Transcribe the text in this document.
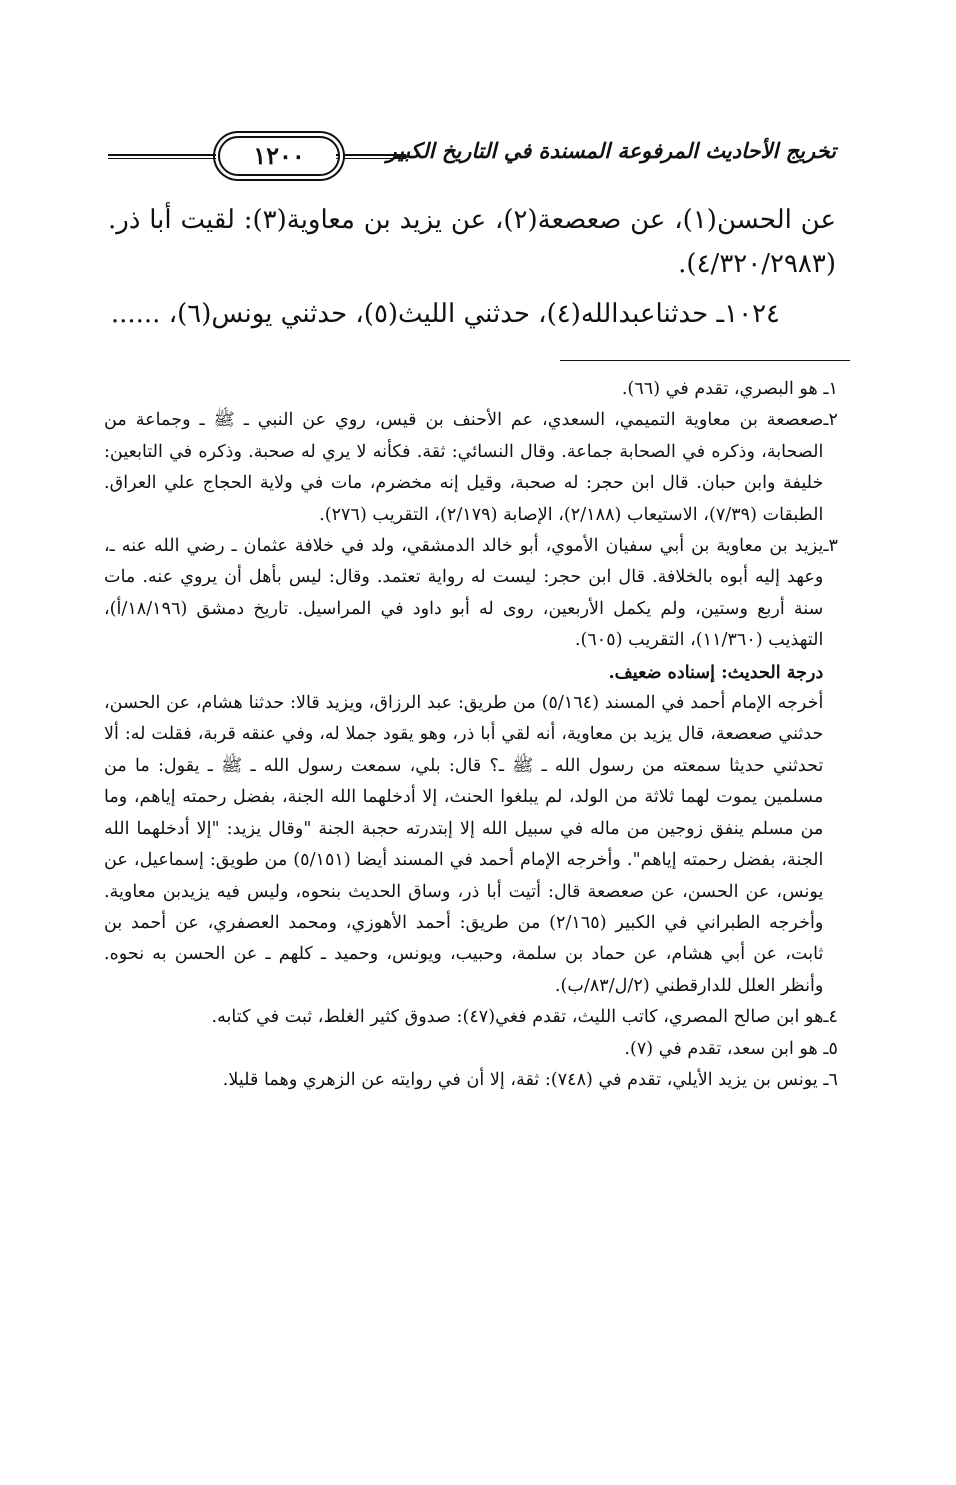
١٢٠٠	تخريج الأحاديث المرفوعة المسندة في التاريخ الكبير

عن الحسن(١)، عن صعصعة(٢)، عن يزيد بن معاوية(٣): لقيت أبا ذر. (٤/٣٢٠/٢٩٨٣).

١٠٢٤ـ حدثناعبدالله(٤)، حدثني الليث(٥)، حدثني يونس(٦)، ......

١ـ هو البصري، تقدم في (٦٦).

٢ـ
صعصعة بن معاوية التميمي، السعدي، عم الأحنف بن قيس، روي عن النبي ـ ﷺ ـ وجماعة من الصحابة، وذكره في الصحابة جماعة. وقال النسائي: ثقة. فكأنه لا يري له صحبة. وذكره في التابعين: خليفة وابن حبان. قال ابن حجر: له صحبة، وقيل إنه مخضرم، مات في ولاية الحجاج علي العراق. الطبقات (٧/٣٩)، الاستيعاب (٢/١٨٨)، الإصابة (٢/١٧٩)، التقريب (٢٧٦).
٣ـ
يزيد بن معاوية بن أبي سفيان الأموي، أبو خالد الدمشقي، ولد في خلافة عثمان ـ رضي الله عنه ـ، وعهد إليه أبوه بالخلافة. قال ابن حجر: ليست له رواية تعتمد. وقال: ليس بأهل أن يروي عنه. مات سنة أربع وستين، ولم يكمل الأربعين، روى له أبو داود في المراسيل. تاريخ دمشق (١٨/١٩٦/أ)، التهذيب (١١/٣٦٠)، التقريب (٦٠٥).
درجة الحديث: إسناده ضعيف.
أخرجه الإمام أحمد في المسند (٥/١٦٤) من طريق: عبد الرزاق، ويزيد قالا: حدثنا هشام، عن الحسن، حدثني صعصعة، قال يزيد بن معاوية، أنه لقي أبا ذر، وهو يقود جملا له، وفي عنقه قربة، فقلت له: ألا تحدثني حديثا سمعته من رسول الله ـ ﷺ ـ؟ قال: بلي، سمعت رسول الله ـ ﷺ ـ يقول: ما من مسلمين يموت لهما ثلاثة من الولد، لم يبلغوا الحنث، إلا أدخلهما الله الجنة، بفضل رحمته إياهم، وما من مسلم ينفق زوجين من ماله في سبيل الله إلا إبتدرته حجبة الجنة "وقال يزيد: "إلا أدخلهما الله الجنة، بفضل رحمته إياهم". وأخرجه الإمام أحمد في المسند أيضا (٥/١٥١) من طويق: إسماعيل، عن يونس، عن الحسن، عن صعصعة قال: أتيت أبا ذر، وساق الحديث بنحوه، وليس فيه يزيدبن معاوية. وأخرجه الطبراني في الكبير (٢/١٦٥) من طريق: أحمد الأهوزي، ومحمد العصفري، عن أحمد بن ثابت، عن أبي هشام، عن حماد بن سلمة، وحبيب، ويونس، وحميد ـ كلهم ـ عن الحسن به نحوه. وأنظر العلل للدارقطني (٢/ل/٨٣/ب).
٤ـ
هو ابن صالح المصري، كاتب الليث، تقدم فغي(٤٧): صدوق كثير الغلط، ثبت في كتابه.

٥ـ هو ابن سعد، تقدم في (٧).

٦ـ يونس بن يزيد الأيلي، تقدم في (٧٤٨): ثقة، إلا أن في روايته عن الزهري وهما قليلا.
